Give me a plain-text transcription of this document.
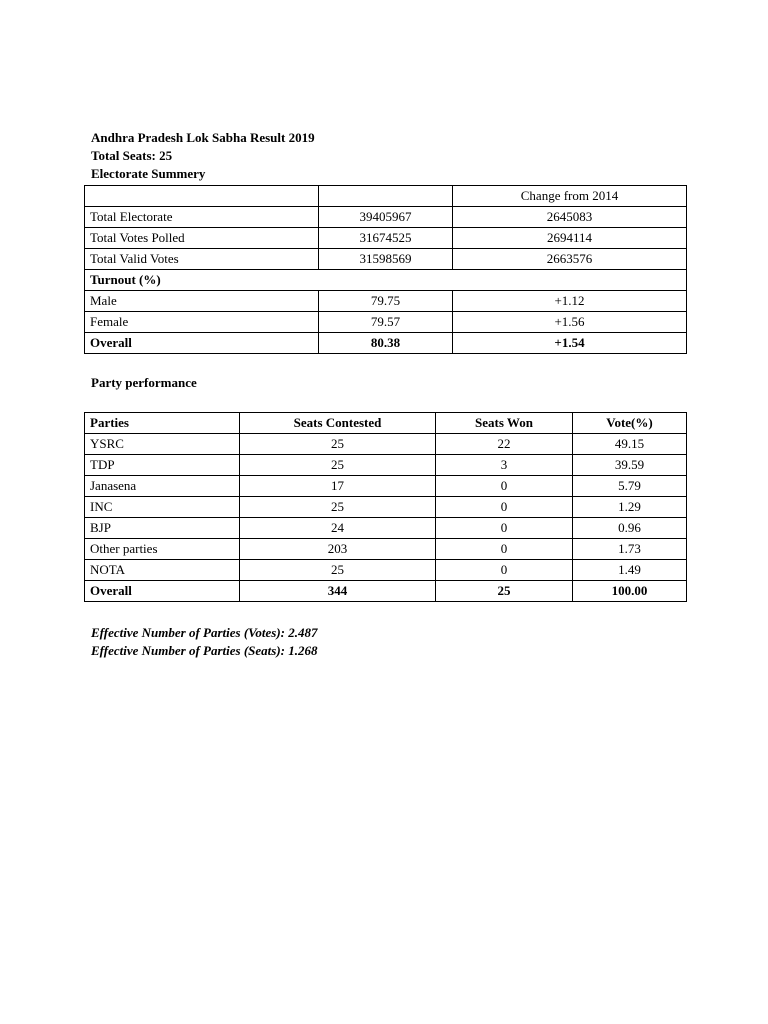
Andhra Pradesh Lok Sabha Result 2019
Total Seats: 25
Electorate Summery
		Change from 2014
Total Electorate	39405967	2645083
Total Votes Polled	31674525	2694114
Total Valid Votes	31598569	2663576
Turnout (%)		
Male	79.75	+1.12
Female	79.57	+1.56
Overall	80.38	+1.54
Party performance
Parties	Seats Contested	Seats Won	Vote(%)
YSRC	25	22	49.15
TDP	25	3	39.59
Janasena	17	0	5.79
INC	25	0	1.29
BJP	24	0	0.96
Other parties	203	0	1.73
NOTA	25	0	1.49
Overall	344	25	100.00
Effective Number of Parties (Votes): 2.487
Effective Number of Parties (Seats): 1.268
